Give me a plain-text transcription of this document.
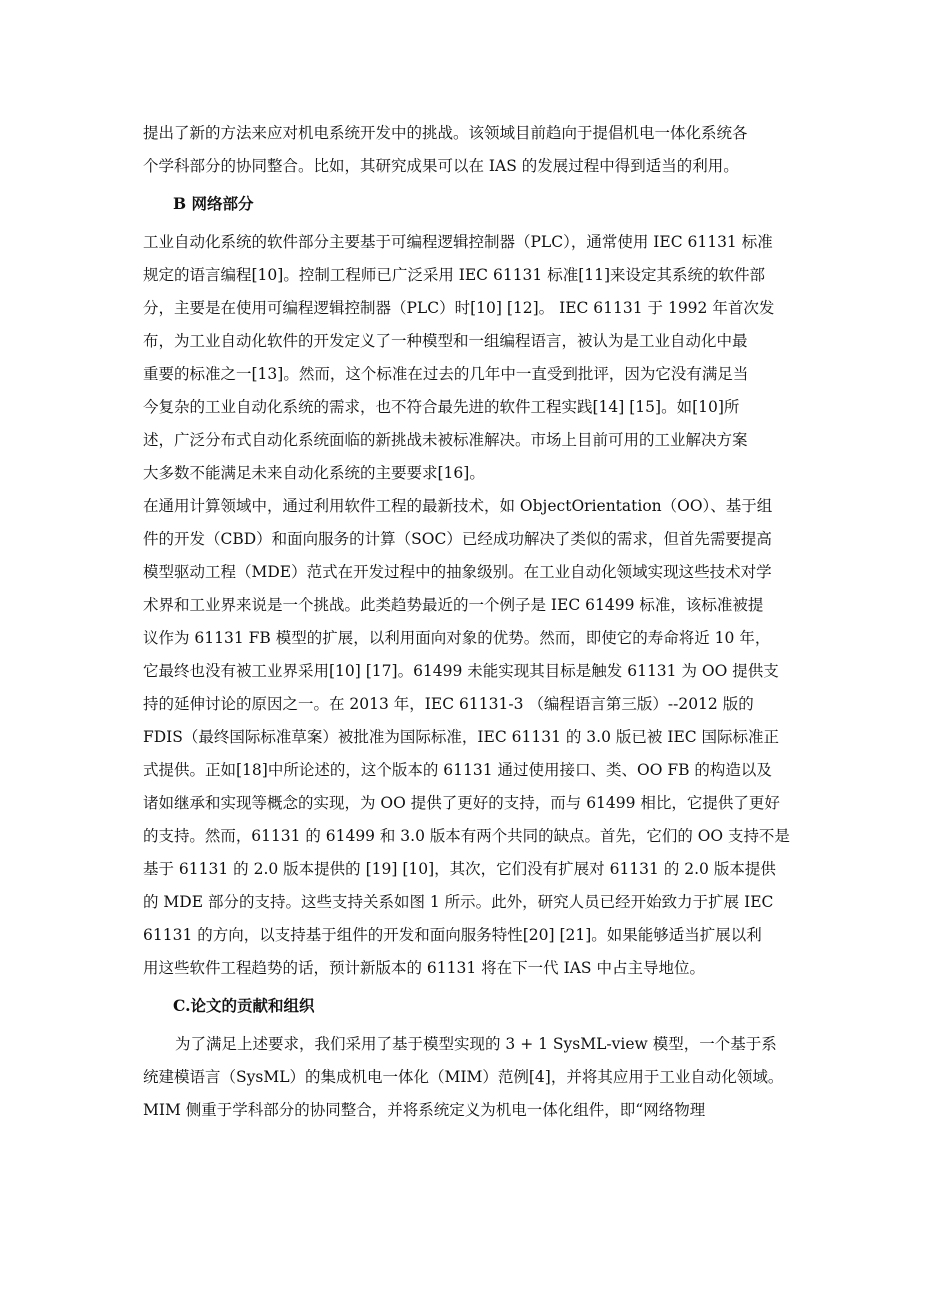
提出了新的方法来应对机电系统开发中的挑战。该领域目前趋向于提倡机电一体化系统各
个学科部分的协同整合。比如，其研究成果可以在 IAS 的发展过程中得到适当的利用。
B 网络部分
工业自动化系统的软件部分主要基于可编程逻辑控制器（PLC），通常使用 IEC 61131 标准
规定的语言编程[10]。控制工程师已广泛采用 IEC 61131 标准[11]来设定其系统的软件部
分，主要是在使用可编程逻辑控制器（PLC）时[10] [12]。 IEC 61131 于 1992 年首次发
布，为工业自动化软件的开发定义了一种模型和一组编程语言，被认为是工业自动化中最
重要的标准之一[13]。然而，这个标准在过去的几年中一直受到批评，因为它没有满足当
今复杂的工业自动化系统的需求，也不符合最先进的软件工程实践[14] [15]。如[10]所
述，广泛分布式自动化系统面临的新挑战未被标准解决。市场上目前可用的工业解决方案
大多数不能满足未来自动化系统的主要要求[16]。
在通用计算领域中，通过利用软件工程的最新技术，如 ObjectOrientation（OO）、基于组
件的开发（CBD）和面向服务的计算（SOC）已经成功解决了类似的需求，但首先需要提高
模型驱动工程（MDE）范式在开发过程中的抽象级别。在工业自动化领域实现这些技术对学
术界和工业界来说是一个挑战。此类趋势最近的一个例子是 IEC 61499 标准，该标准被提
议作为 61131 FB 模型的扩展，以利用面向对象的优势。然而，即使它的寿命将近 10 年，
它最终也没有被工业界采用[10] [17]。61499 未能实现其目标是触发 61131 为 OO 提供支
持的延伸讨论的原因之一。在 2013 年，IEC 61131-3 （编程语言第三版）--2012 版的
FDIS（最终国际标准草案）被批准为国际标准，IEC 61131 的 3.0 版已被 IEC 国际标准正
式提供。正如[18]中所论述的，这个版本的 61131 通过使用接口、类、OO FB 的构造以及
诸如继承和实现等概念的实现，为 OO 提供了更好的支持，而与 61499 相比，它提供了更好
的支持。然而，61131 的 61499 和 3.0 版本有两个共同的缺点。首先，它们的 OO 支持不是
基于 61131 的 2.0 版本提供的 [19] [10]，其次，它们没有扩展对 61131 的 2.0 版本提供
的 MDE 部分的支持。这些支持关系如图 1 所示。此外，研究人员已经开始致力于扩展 IEC
61131 的方向，以支持基于组件的开发和面向服务特性[20] [21]。如果能够适当扩展以利
用这些软件工程趋势的话，预计新版本的 61131 将在下一代 IAS 中占主导地位。
C.论文的贡献和组织
为了满足上述要求，我们采用了基于模型实现的 3 + 1 SysML-view 模型，一个基于系
统建模语言（SysML）的集成机电一体化（MIM）范例[4]，并将其应用于工业自动化领域。
MIM 侧重于学科部分的协同整合，并将系统定义为机电一体化组件，即“网络物理
